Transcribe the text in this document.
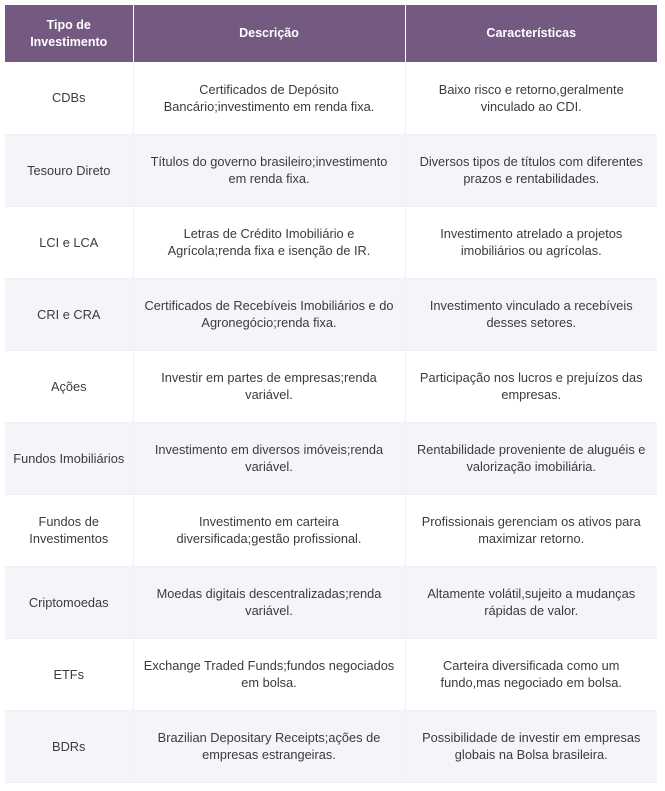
Tipo de Investimento	Descrição	Características
CDBs	Certificados de Depósito Bancário;investimento em renda fixa.	Baixo risco e retorno,geralmente vinculado ao CDI.
Tesouro Direto	Títulos do governo brasileiro;investimento em renda fixa.	Diversos tipos de títulos com diferentes prazos e rentabilidades.
LCI e LCA	Letras de Crédito Imobiliário e Agrícola;renda fixa e isenção de IR.	Investimento atrelado a projetos imobiliários ou agrícolas.
CRI e CRA	Certificados de Recebíveis Imobiliários e do Agronegócio;renda fixa.	Investimento vinculado a recebíveis desses setores.
Ações	Investir em partes de empresas;renda variável.	Participação nos lucros e prejuízos das empresas.
Fundos Imobiliários	Investimento em diversos imóveis;renda variável.	Rentabilidade proveniente de aluguéis e valorização imobiliária.
Fundos de Investimentos	Investimento em carteira diversificada;gestão profissional.	Profissionais gerenciam os ativos para maximizar retorno.
Criptomoedas	Moedas digitais descentralizadas;renda variável.	Altamente volátil,sujeito a mudanças rápidas de valor.
ETFs	Exchange Traded Funds;fundos negociados em bolsa.	Carteira diversificada como um fundo,mas negociado em bolsa.
BDRs	Brazilian Depositary Receipts;ações de empresas estrangeiras.	Possibilidade de investir em empresas globais na Bolsa brasileira.
